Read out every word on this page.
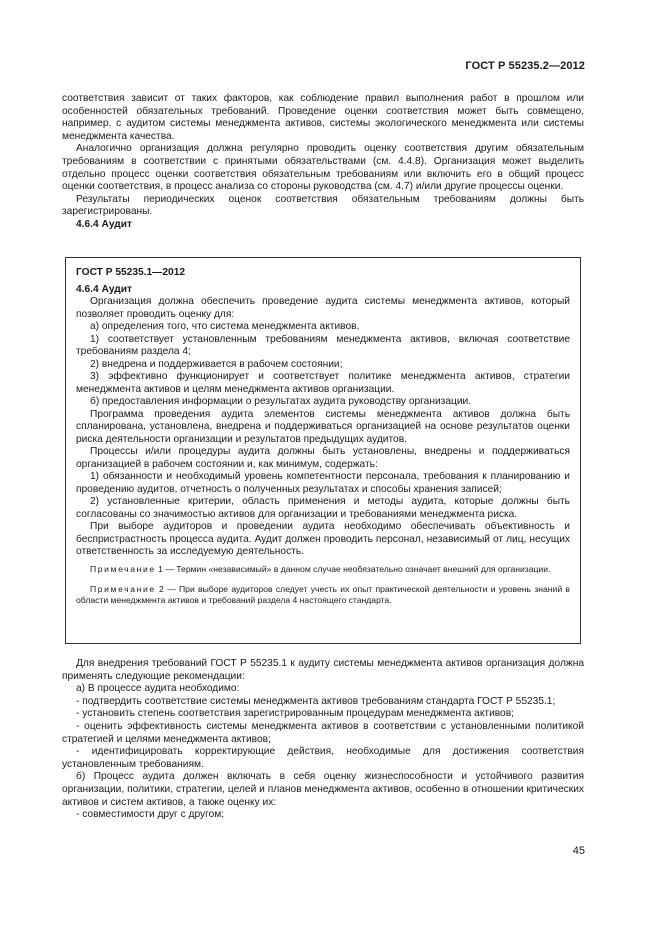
ГОСТ Р 55235.2—2012

соответствия зависит от таких факторов, как соблюдение правил выполнения работ в прошлом или особенностей обязательных требований. Проведение оценки соответствия может быть совмещено, например, с аудитом системы менеджмента активов, системы экологического менеджмента или системы менеджмента качества.

Аналогично организация должна регулярно проводить оценку соответствия другим обязательным требованиям в соответствии с принятыми обязательствами (см. 4.4.8). Организация может выделить отдельно процесс оценки соответствия обязательным требованиям или включить его в общий процесс оценки соответствия, в процесс анализа со стороны руководства (см. 4.7) и/или другие процессы оценки.

Результаты периодических оценок соответствия обязательным требованиям должны быть зарегистрированы.

4.6.4 Аудит

ГОСТ Р 55235.1—2012

4.6.4 Аудит

Организация должна обеспечить проведение аудита системы менеджмента активов, который позволяет проводить оценку для:

а) определения того, что система менеджмента активов.

1) соответствует установленным требованиям менеджмента активов, включая соответствие требованиям раздела 4;

2) внедрена и поддерживается в рабочем состоянии;

3) эффективно функционирует и соответствует политике менеджмента активов, стратегии менеджмента активов и целям менеджмента активов организации.

б) предоставления информации о результатах аудита руководству организации.

Программа проведения аудита элементов системы менеджмента активов должна быть спланирована, установлена, внедрена и поддерживаться организацией на основе результатов оценки риска деятельности организации и результатов предыдущих аудитов.

Процессы и/или процедуры аудита должны быть установлены, внедрены и поддерживаться организацией в рабочем состоянии и, как минимум, содержать:

1) обязанности и необходимый уровень компетентности персонала, требования к планированию и проведению аудитов, отчетность о полученных результатах и способы хранения записей;

2) установленные критерии, область применения и методы аудита, которые должны быть согласованы со значимостью активов для организации и требованиями менеджмента риска.

При выборе аудиторов и проведении аудита необходимо обеспечивать объективность и беспристрастность процесса аудита. Аудит должен проводить персонал, независимый от лиц, несущих ответственность за исследуемую деятельность.

Примечание 1 — Термин «независимый» в данном случае необязательно означает внешний для организации.

Примечание 2 — При выборе аудиторов следует учесть их опыт практической деятельности и уровень знаний в области менеджмента активов и требований раздела 4 настоящего стандарта.

Для внедрения требований ГОСТ Р 55235.1 к аудиту системы менеджмента активов организация должна применять следующие рекомендации:

а) В процессе аудита необходимо:

- подтвердить соответствие системы менеджмента активов требованиям стандарта ГОСТ Р 55235.1;

- установить степень соответствия зарегистрированным процедурам менеджмента активов;

- оценить эффективность системы менеджмента активов в соответствии с установленными политикой стратегией и целями менеджмента активов;

- идентифицировать корректирующие действия, необходимые для достижения соответствия установленным требованиям.

б) Процесс аудита должен включать в себя оценку жизнеспособности и устойчивого развития организации, политики, стратегии, целей и планов менеджмента активов, особенно в отношении критических активов и систем активов, а также оценку их:

- совместимости друг с другом;

45
